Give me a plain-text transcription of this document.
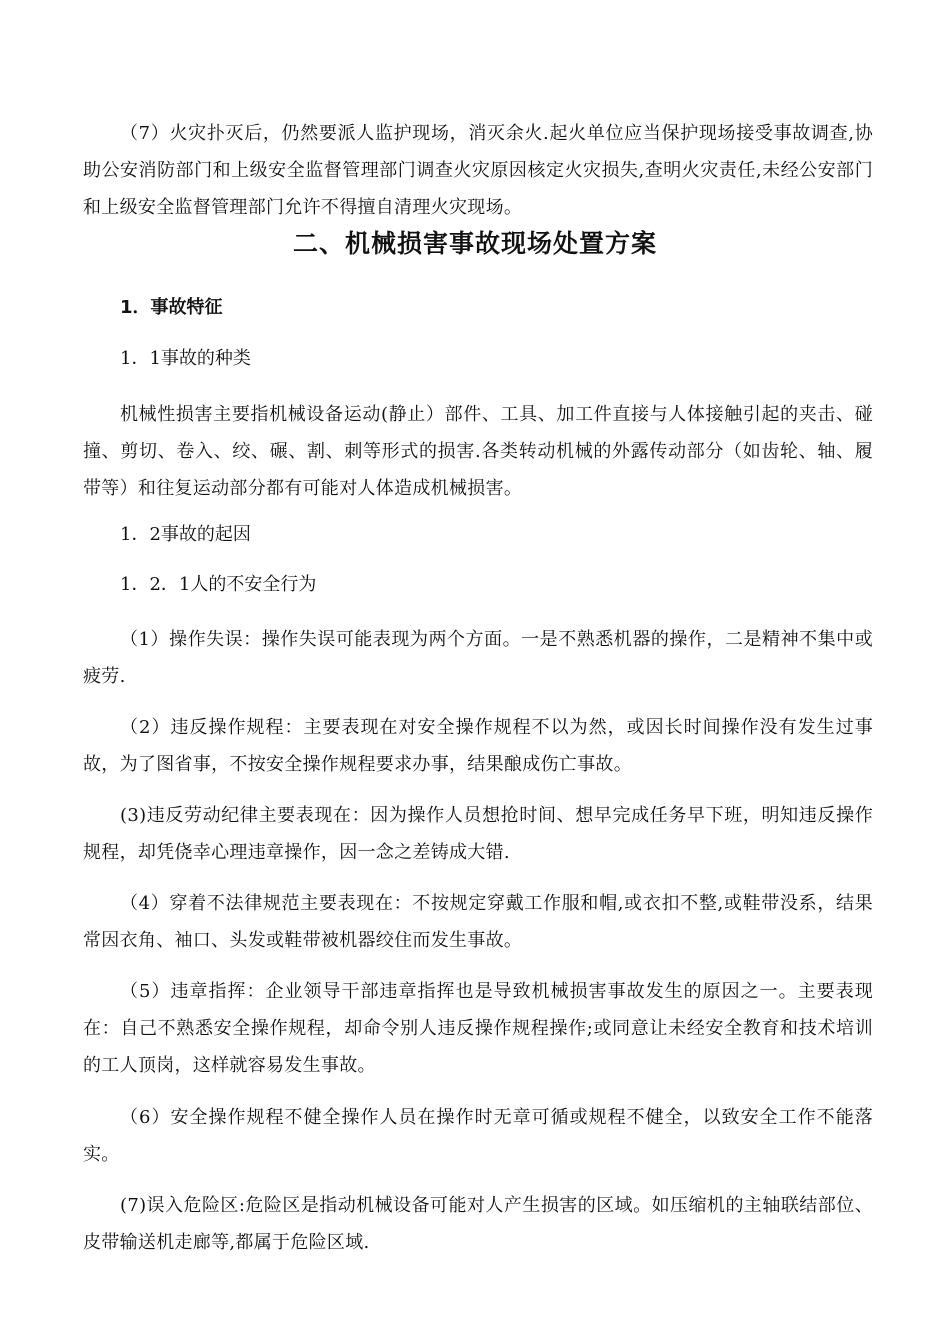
（7）火灾扑灭后，仍然要派人监护现场，消灭余火.起火单位应当保护现场接受事故调查,协助公安消防部门和上级安全监督管理部门调查火灾原因核定火灾损失,查明火灾责任,未经公安部门和上级安全监督管理部门允许不得擅自清理火灾现场。
二、机械损害事故现场处置方案
1．事故特征
1．1事故的种类
机械性损害主要指机械设备运动(静止）部件、工具、加工件直接与人体接触引起的夹击、碰撞、剪切、卷入、绞、碾、割、刺等形式的损害.各类转动机械的外露传动部分（如齿轮、轴、履带等）和往复运动部分都有可能对人体造成机械损害。
1．2事故的起因
1．2．1人的不安全行为
（1）操作失误：操作失误可能表现为两个方面。一是不熟悉机器的操作，二是精神不集中或疲劳.
（2）违反操作规程：主要表现在对安全操作规程不以为然，或因长时间操作没有发生过事故，为了图省事，不按安全操作规程要求办事，结果酿成伤亡事故。
(3)违反劳动纪律主要表现在：因为操作人员想抢时间、想早完成任务早下班，明知违反操作规程，却凭侥幸心理违章操作，因一念之差铸成大错.
（4）穿着不法律规范主要表现在：不按规定穿戴工作服和帽,或衣扣不整,或鞋带没系，结果常因衣角、袖口、头发或鞋带被机器绞住而发生事故。
（5）违章指挥：企业领导干部违章指挥也是导致机械损害事故发生的原因之一。主要表现在：自己不熟悉安全操作规程，却命令别人违反操作规程操作;或同意让未经安全教育和技术培训的工人顶岗，这样就容易发生事故。
（6）安全操作规程不健全操作人员在操作时无章可循或规程不健全，以致安全工作不能落实。
(7)误入危险区:危险区是指动机械设备可能对人产生损害的区域。如压缩机的主轴联结部位、皮带输送机走廊等,都属于危险区域.
